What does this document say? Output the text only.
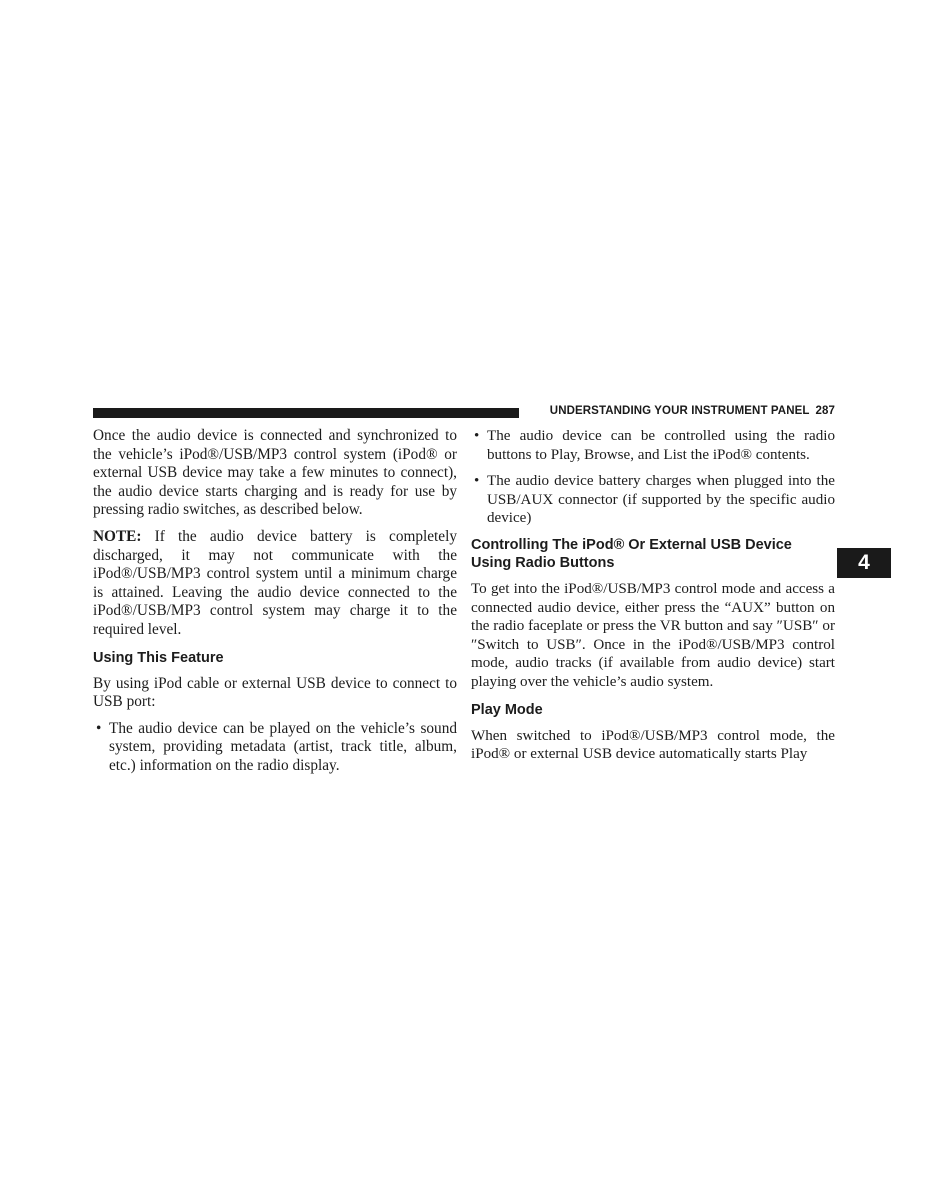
UNDERSTANDING YOUR INSTRUMENT PANEL 287
4

Once the audio device is connected and synchronized to the vehicle’s iPod®/USB/MP3 control system (iPod® or external USB device may take a few minutes to connect), the audio device starts charging and is ready for use by pressing radio switches, as described below.

NOTE: If the audio device battery is completely discharged, it may not communicate with the iPod®/USB/MP3 control system until a minimum charge is attained. Leaving the audio device connected to the iPod®/USB/MP3 control system may charge it to the required level.

Using This Feature

By using iPod cable or external USB device to connect to USB port:

• The audio device can be played on the vehicle’s sound system, providing metadata (artist, track title, album, etc.) information on the radio display.
• The audio device can be controlled using the radio buttons to Play, Browse, and List the iPod® contents.
• The audio device battery charges when plugged into the USB/AUX connector (if supported by the specific audio device)
Controlling The iPod® Or External USB Device Using Radio Buttons

To get into the iPod®/USB/MP3 control mode and access a connected audio device, either press the “AUX” button on the radio faceplate or press the VR button and say ″USB″ or ″Switch to USB″. Once in the iPod®/USB/MP3 control mode, audio tracks (if available from audio device) start playing over the vehicle’s audio system.

Play Mode

When switched to iPod®/USB/MP3 control mode, the iPod® or external USB device automatically starts Play
